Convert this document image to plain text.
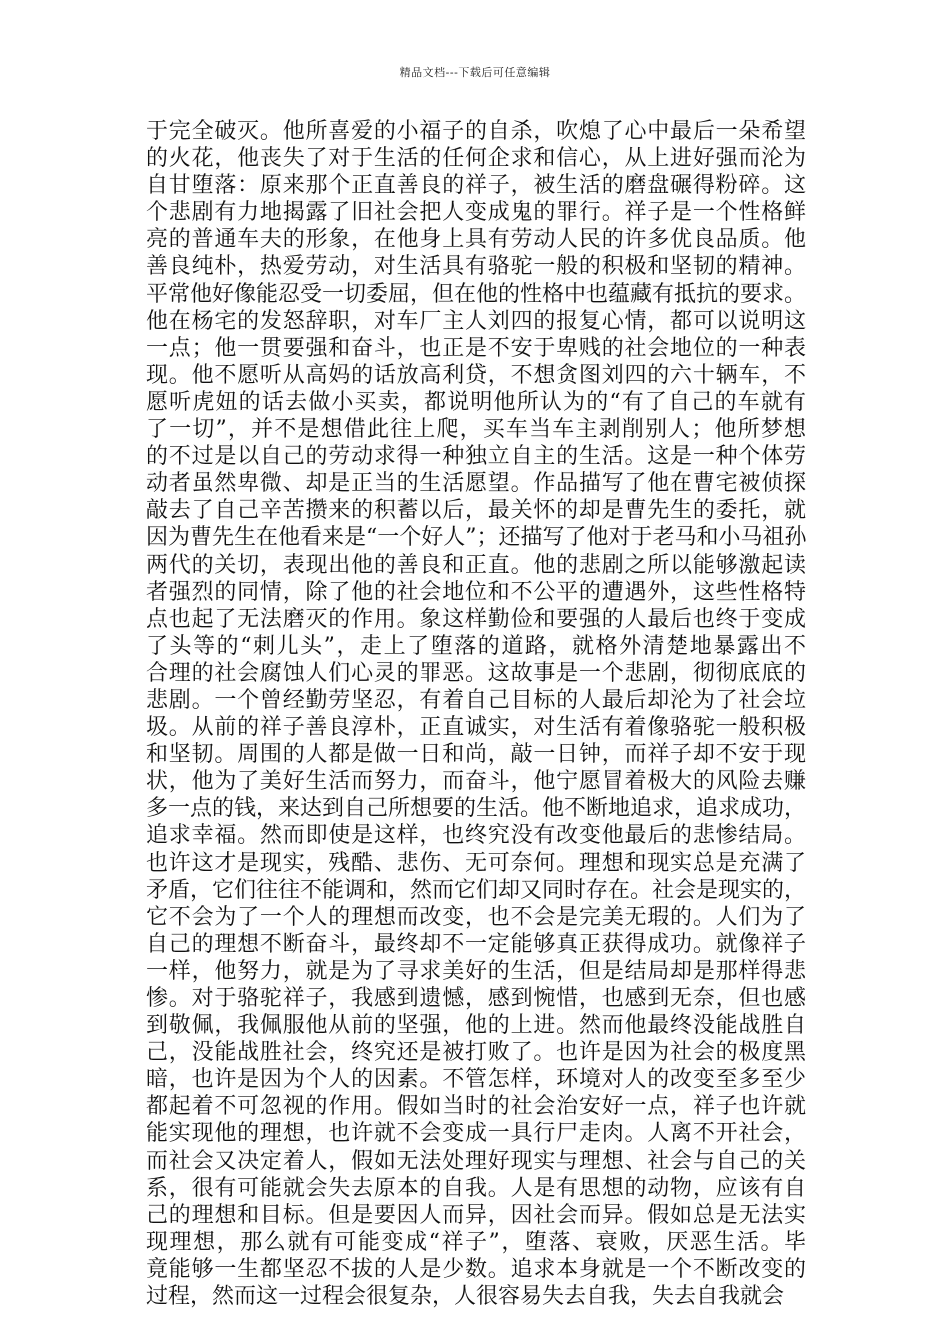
精品文档---下载后可任意编辑
于完全破灭。他所喜爱的小福子的自杀，吹熄了心中最后一朵希望
的火花，他丧失了对于生活的任何企求和信心，从上进好强而沦为
自甘堕落：原来那个正直善良的祥子，被生活的磨盘碾得粉碎。这
个悲剧有力地揭露了旧社会把人变成鬼的罪行。祥子是一个性格鲜
亮的普通车夫的形象，在他身上具有劳动人民的许多优良品质。他
善良纯朴，热爱劳动，对生活具有骆驼一般的积极和坚韧的精神。
平常他好像能忍受一切委屈，但在他的性格中也蕴藏有抵抗的要求。
他在杨宅的发怒辞职，对车厂主人刘四的报复心情，都可以说明这
一点；他一贯要强和奋斗，也正是不安于卑贱的社会地位的一种表
现。他不愿听从高妈的话放高利贷，不想贪图刘四的六十辆车，不
愿听虎妞的话去做小买卖，都说明他所认为的“有了自己的车就有
了一切”，并不是想借此往上爬，买车当车主剥削别人；他所梦想
的不过是以自己的劳动求得一种独立自主的生活。这是一种个体劳
动者虽然卑微、却是正当的生活愿望。作品描写了他在曹宅被侦探
敲去了自己辛苦攒来的积蓄以后，最关怀的却是曹先生的委托，就
因为曹先生在他看来是“一个好人”；还描写了他对于老马和小马祖孙
两代的关切，表现出他的善良和正直。他的悲剧之所以能够激起读
者强烈的同情，除了他的社会地位和不公平的遭遇外，这些性格特
点也起了无法磨灭的作用。象这样勤俭和要强的人最后也终于变成
了头等的“刺儿头”，走上了堕落的道路，就格外清楚地暴露出不
合理的社会腐蚀人们心灵的罪恶。这故事是一个悲剧，彻彻底底的
悲剧。一个曾经勤劳坚忍，有着自己目标的人最后却沦为了社会垃
圾。从前的祥子善良淳朴，正直诚实，对生活有着像骆驼一般积极
和坚韧。周围的人都是做一日和尚，敲一日钟，而祥子却不安于现
状，他为了美好生活而努力，而奋斗，他宁愿冒着极大的风险去赚
多一点的钱，来达到自己所想要的生活。他不断地追求，追求成功，
追求幸福。然而即使是这样，也终究没有改变他最后的悲惨结局。
也许这才是现实，残酷、悲伤、无可奈何。理想和现实总是充满了
矛盾，它们往往不能调和，然而它们却又同时存在。社会是现实的，
它不会为了一个人的理想而改变，也不会是完美无瑕的。人们为了
自己的理想不断奋斗，最终却不一定能够真正获得成功。就像祥子
一样，他努力，就是为了寻求美好的生活，但是结局却是那样得悲
惨。对于骆驼祥子，我感到遗憾，感到惋惜，也感到无奈，但也感
到敬佩，我佩服他从前的坚强，他的上进。然而他最终没能战胜自
己，没能战胜社会，终究还是被打败了。也许是因为社会的极度黑
暗，也许是因为个人的因素。不管怎样，环境对人的改变至多至少
都起着不可忽视的作用。假如当时的社会治安好一点，祥子也许就
能实现他的理想，也许就不会变成一具行尸走肉。人离不开社会，
而社会又决定着人，假如无法处理好现实与理想、社会与自己的关
系，很有可能就会失去原本的自我。人是有思想的动物，应该有自
己的理想和目标。但是要因人而异，因社会而异。假如总是无法实
现理想，那么就有可能变成“祥子”，堕落、衰败，厌恶生活。毕
竟能够一生都坚忍不拔的人是少数。追求本身就是一个不断改变的
过程，然而这一过程会很复杂，人很容易失去自我，失去自我就会
